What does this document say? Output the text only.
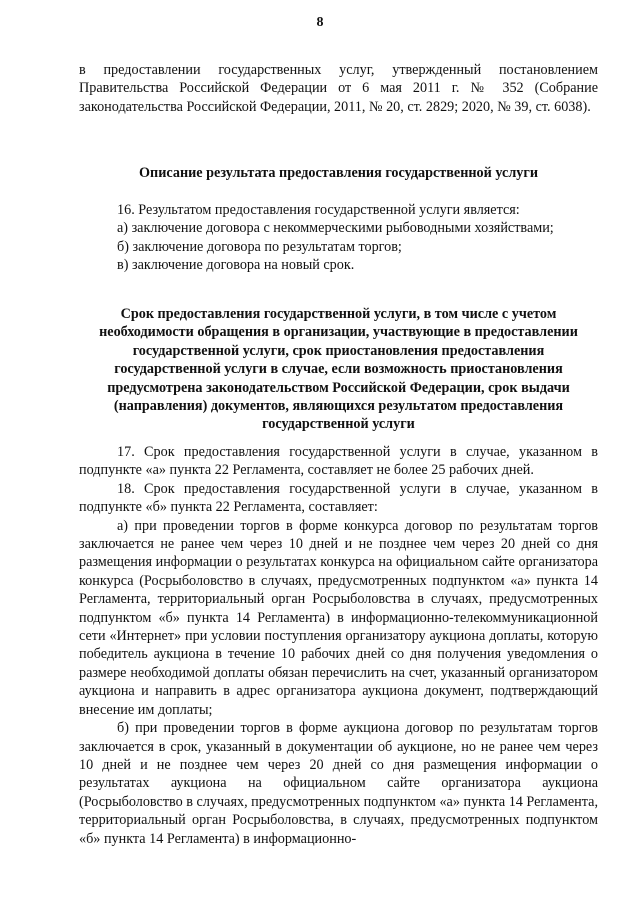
8

в предоставлении государственных услуг, утвержденный постановлением Правительства Российской Федерации от 6 мая 2011 г. № 352 (Собрание законодательства Российской Федерации, 2011, № 20, ст. 2829; 2020, № 39, ст. 6038).

Описание результата предоставления государственной услуги

16. Результатом предоставления государственной услуги является:

а) заключение договора с некоммерческими рыбоводными хозяйствами;

б) заключение договора по результатам торгов;

в) заключение договора на новый срок.

Срок предоставления государственной услуги, в том числе с учетом необходимости обращения в организации, участвующие в предоставлении государственной услуги, срок приостановления предоставления государственной услуги в случае, если возможность приостановления предусмотрена законодательством Российской Федерации, срок выдачи (направления) документов, являющихся результатом предоставления государственной услуги

17. Срок предоставления государственной услуги в случае, указанном в подпункте «а» пункта 22 Регламента, составляет не более 25 рабочих дней.

18. Срок предоставления государственной услуги в случае, указанном в подпункте «б» пункта 22 Регламента, составляет:

а) при проведении торгов в форме конкурса договор по результатам торгов заключается не ранее чем через 10 дней и не позднее чем через 20 дней со дня размещения информации о результатах конкурса на официальном сайте организатора конкурса (Росрыболовство в случаях, предусмотренных подпунктом «а» пункта 14 Регламента, территориальный орган Росрыболовства в случаях, предусмотренных подпунктом «б» пункта 14 Регламента) в информационно-телекоммуникационной сети «Интернет» при условии поступления организатору аукциона доплаты, которую победитель аукциона в течение 10 рабочих дней со дня получения уведомления о размере необходимой доплаты обязан перечислить на счет, указанный организатором аукциона и направить в адрес организатора аукциона документ, подтверждающий внесение им доплаты;

б) при проведении торгов в форме аукциона договор по результатам торгов заключается в срок, указанный в документации об аукционе, но не ранее чем через 10 дней и не позднее чем через 20 дней со дня размещения информации о результатах аукциона на официальном сайте организатора аукциона (Росрыболовство в случаях, предусмотренных подпунктом «а» пункта 14 Регламента, территориальный орган Росрыболовства, в случаях, предусмотренных подпунктом «б» пункта 14 Регламента) в информационно-
